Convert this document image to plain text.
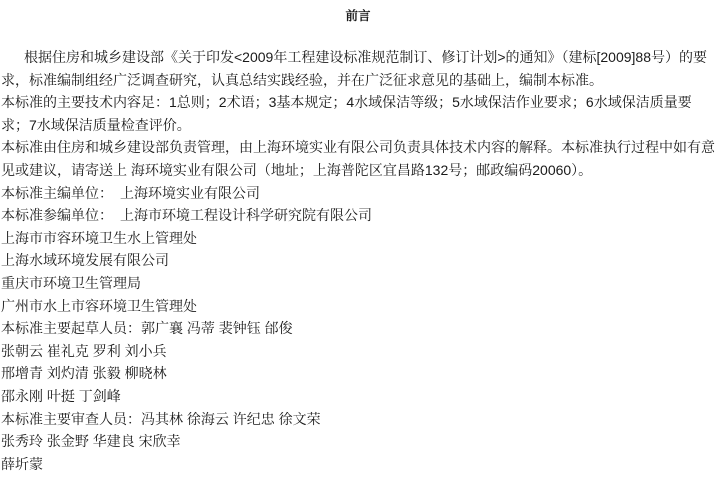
前言

根据住房和城乡建设部《关于印发<2009年工程建设标准规范制订、修订计划>的通知》（建标[2009]88号）的要求，标准编制组经广泛调查研究，认真总结实践经验，并在广泛征求意见的基础上，编制本标准。

本标准的主要技术内容足：1总则；2术语；3基本规定；4水域保洁等级；5水域保洁作业要求；6水域保洁质量要求；7水域保洁质量检查评价。

本标准由住房和城乡建设部负责管理，由上海环境实业有限公司负责具体技术内容的解释。本标准执行过程中如有意见或建议，请寄送上 海环境实业有限公司（地址；上海普陀区宜昌路132号；邮政编码20060）。

本标准主编单位： 上海环境实业有限公司

本标准参编单位： 上海市环境工程设计科学研究院有限公司

上海市市容环境卫生水上管理处

上海水域环境发展有限公司

重庆市环境卫生管理局

广州市水上市容环境卫生管理处

本标准主要起草人员：郭广襄 冯蒂 裴钟钰 邰俊

张朝云 崔礼克 罗利 刘小兵

邢增青 刘灼清 张毅 柳晓林

邵永刚 叶挺 丁剑峰

本标准主要审查人员：冯其林 徐海云 许纪忠 徐文荣

张秀玲 张金野 华建良 宋欣幸

薛圻蒙
